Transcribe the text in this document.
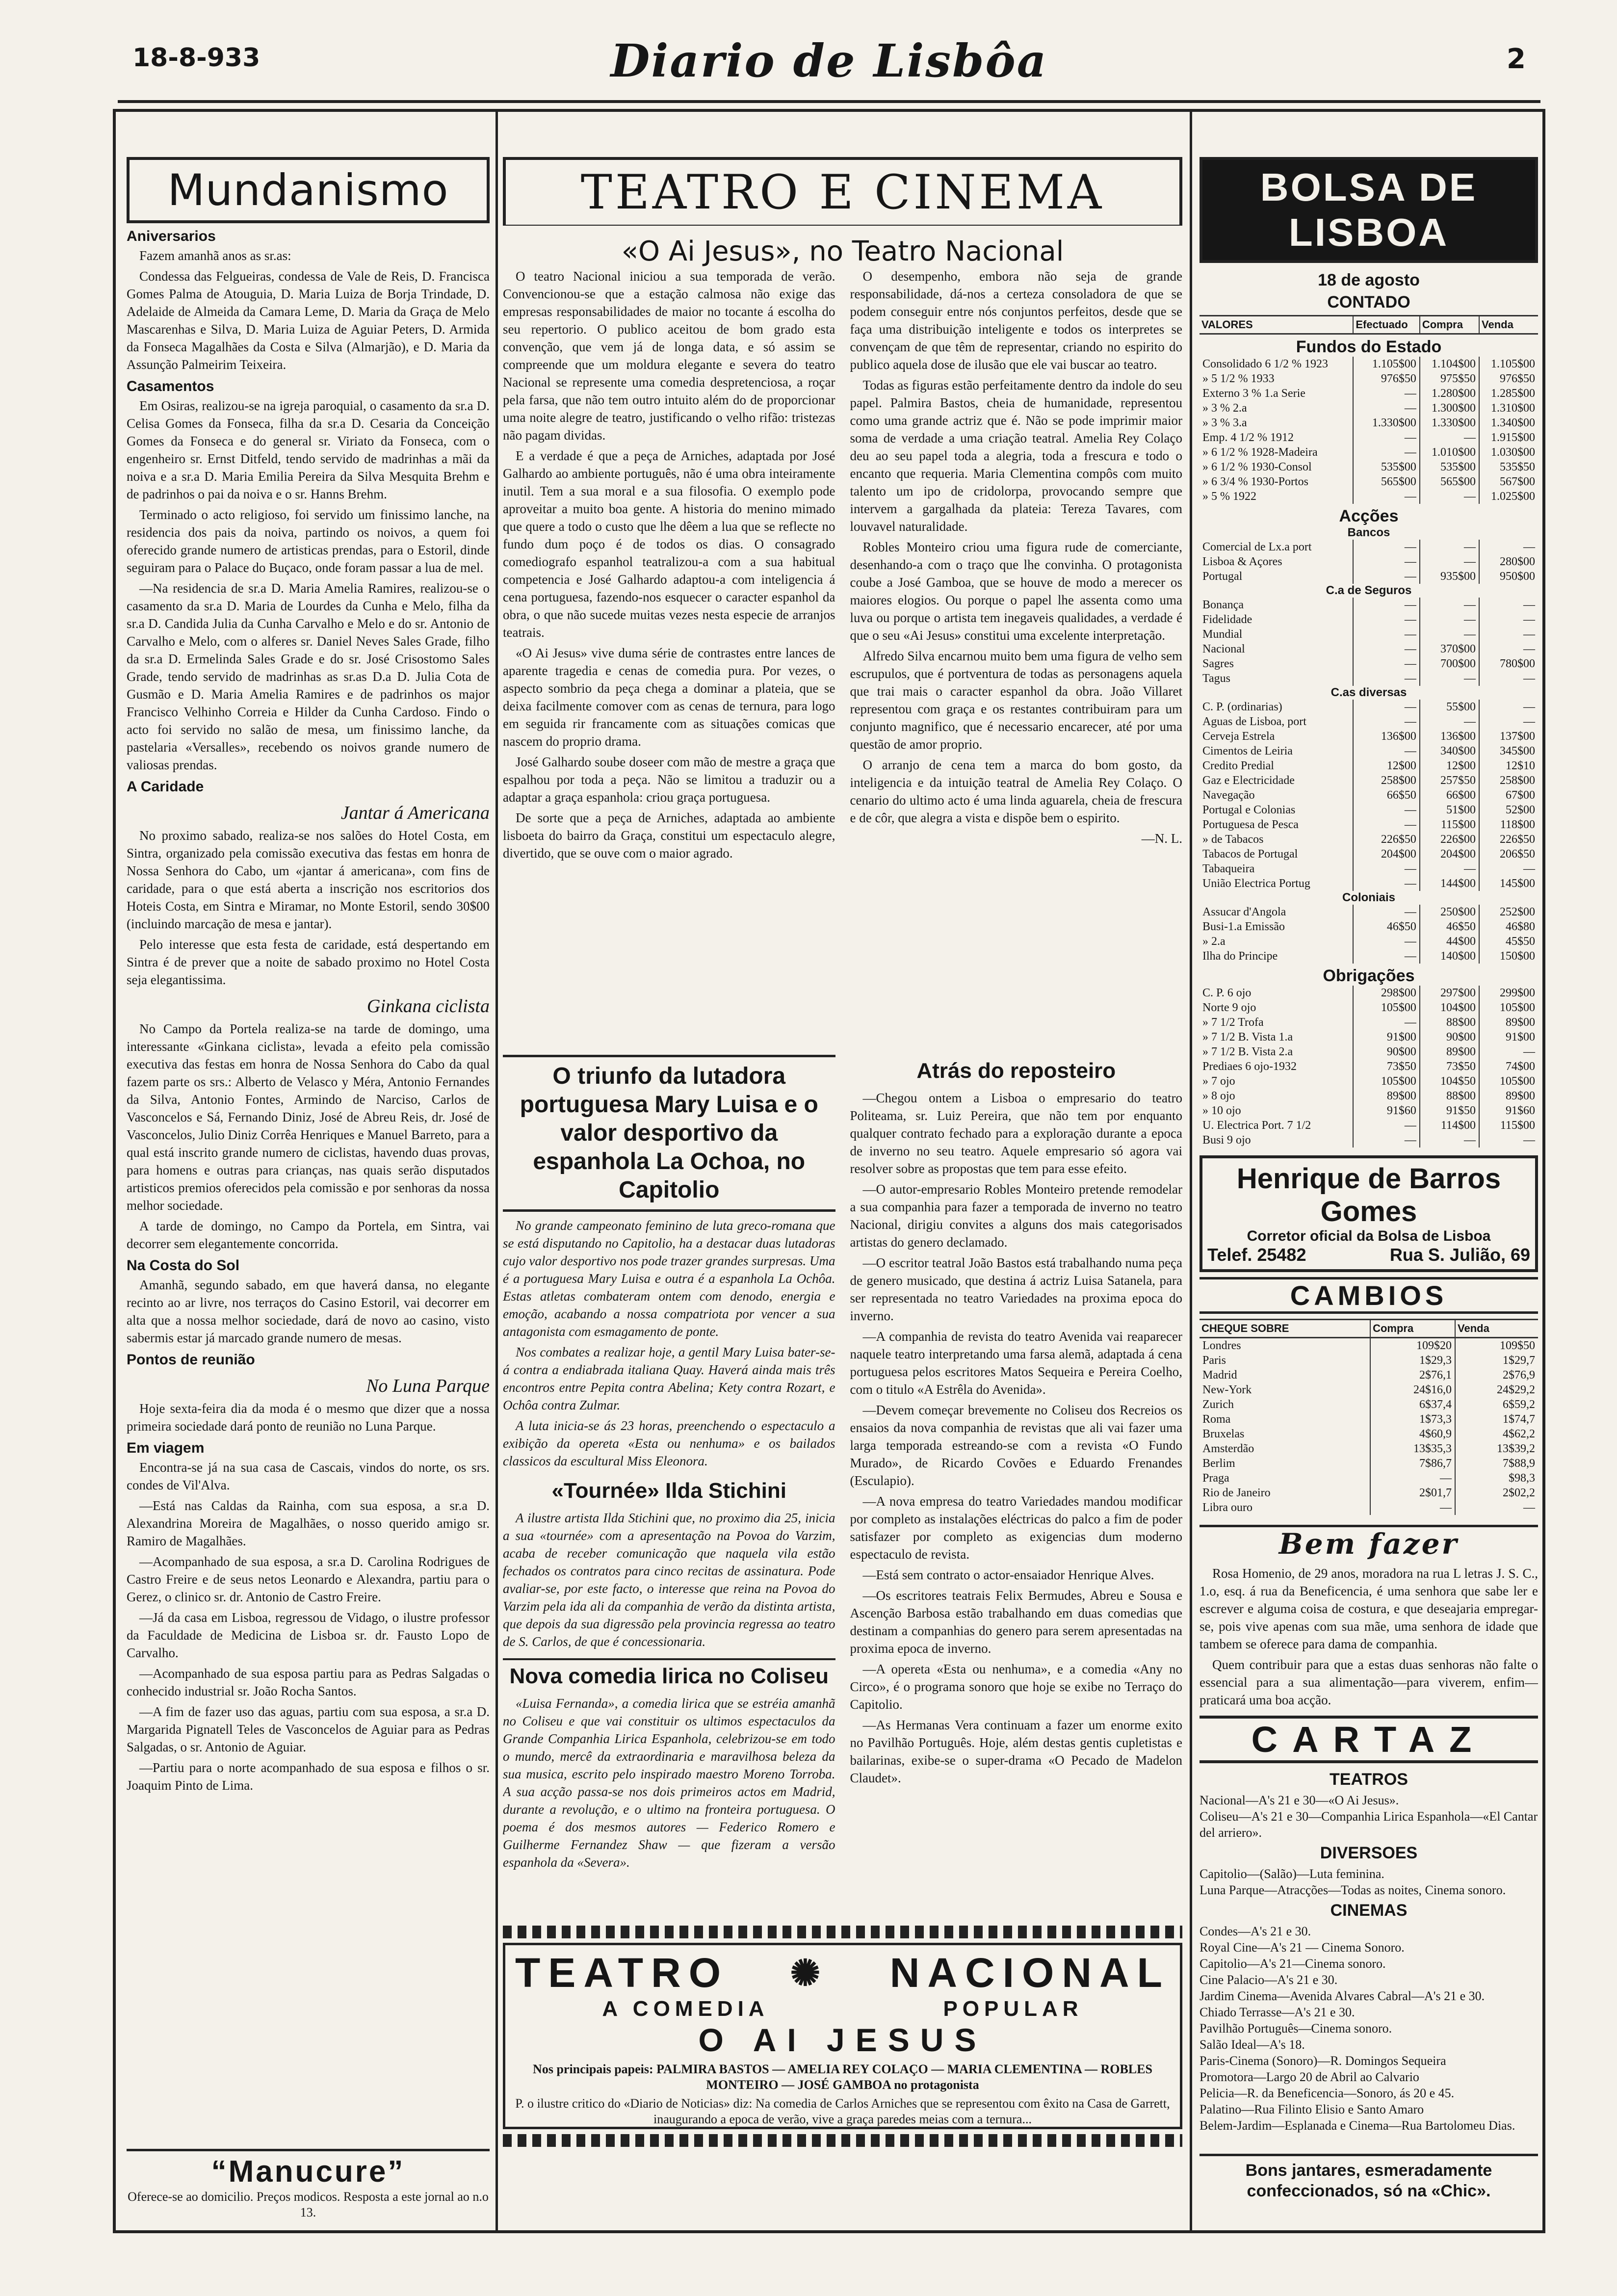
18-8-933	Diario de Lisbôa	2
Mundanismo
Aniversarios

Fazem amanhã anos as sr.as:

Condessa das Felgueiras, condessa de Vale de Reis, D. Francisca Gomes Palma de Atouguia, D. Maria Luiza de Borja Trindade, D. Adelaide de Almeida da Camara Leme, D. Maria da Graça de Melo Mascarenhas e Silva, D. Maria Luiza de Aguiar Peters, D. Armida da Fonseca Magalhães da Costa e Silva (Almarjão), e D. Maria da Assunção Palmeirim Teixeira.

Casamentos

Em Osiras, realizou-se na igreja paroquial, o casamento da sr.a D. Celisa Gomes da Fonseca, filha da sr.a D. Cesaria da Conceição Gomes da Fonseca e do general sr. Viriato da Fonseca, com o engenheiro sr. Ernst Ditfeld, tendo servido de madrinhas a mãi da noiva e a sr.a D. Maria Emilia Pereira da Silva Mesquita Brehm e de padrinhos o pai da noiva e o sr. Hanns Brehm.

Terminado o acto religioso, foi servido um finissimo lanche, na residencia dos pais da noiva, partindo os noivos, a quem foi oferecido grande numero de artisticas prendas, para o Estoril, dinde seguiram para o Palace do Buçaco, onde foram passar a lua de mel.

—Na residencia de sr.a D. Maria Amelia Ramires, realizou-se o casamento da sr.a D. Maria de Lourdes da Cunha e Melo, filha da sr.a D. Candida Julia da Cunha Carvalho e Melo e do sr. Antonio de Carvalho e Melo, com o alferes sr. Daniel Neves Sales Grade, filho da sr.a D. Ermelinda Sales Grade e do sr. José Crisostomo Sales Grade, tendo servido de madrinhas as sr.as D.a D. Julia Cota de Gusmão e D. Maria Amelia Ramires e de padrinhos os major Francisco Velhinho Correia e Hilder da Cunha Cardoso. Findo o acto foi servido no salão de mesa, um finissimo lanche, da pastelaria «Versalles», recebendo os noivos grande numero de valiosas prendas.

A Caridade
Jantar á Americana

No proximo sabado, realiza-se nos salões do Hotel Costa, em Sintra, organizado pela comissão executiva das festas em honra de Nossa Senhora do Cabo, um «jantar á americana», com fins de caridade, para o que está aberta a inscrição nos escritorios dos Hoteis Costa, em Sintra e Miramar, no Monte Estoril, sendo 30$00 (incluindo marcação de mesa e jantar).

Pelo interesse que esta festa de caridade, está despertando em Sintra é de prever que a noite de sabado proximo no Hotel Costa seja elegantissima.

Ginkana ciclista

No Campo da Portela realiza-se na tarde de domingo, uma interessante «Ginkana ciclista», levada a efeito pela comissão executiva das festas em honra de Nossa Senhora do Cabo da qual fazem parte os srs.: Alberto de Velasco y Méra, Antonio Fernandes da Silva, Antonio Fontes, Armindo de Narciso, Carlos de Vasconcelos e Sá, Fernando Diniz, José de Abreu Reis, dr. José de Vasconcelos, Julio Diniz Corrêa Henriques e Manuel Barreto, para a qual está inscrito grande numero de ciclistas, havendo duas provas, para homens e outras para crianças, nas quais serão disputados artisticos premios oferecidos pela comissão e por senhoras da nossa melhor sociedade.

A tarde de domingo, no Campo da Portela, em Sintra, vai decorrer sem elegantemente concorrida.

Na Costa do Sol

Amanhã, segundo sabado, em que haverá dansa, no elegante recinto ao ar livre, nos terraços do Casino Estoril, vai decorrer em alta que a nossa melhor sociedade, dará de novo ao casino, visto sabermis estar já marcado grande numero de mesas.

Pontos de reunião
No Luna Parque

Hoje sexta-feira dia da moda é o mesmo que dizer que a nossa primeira sociedade dará ponto de reunião no Luna Parque.

Em viagem

Encontra-se já na sua casa de Cascais, vindos do norte, os srs. condes de Vil'Alva.

—Está nas Caldas da Rainha, com sua esposa, a sr.a D. Alexandrina Moreira de Magalhães, o nosso querido amigo sr. Ramiro de Magalhães.

—Acompanhado de sua esposa, a sr.a D. Carolina Rodrigues de Castro Freire e de seus netos Leonardo e Alexandra, partiu para o Gerez, o clinico sr. dr. Antonio de Castro Freire.

—Já da casa em Lisboa, regressou de Vidago, o ilustre professor da Faculdade de Medicina de Lisboa sr. dr. Fausto Lopo de Carvalho.

—Acompanhado de sua esposa partiu para as Pedras Salgadas o conhecido industrial sr. João Rocha Santos.

—A fim de fazer uso das aguas, partiu com sua esposa, a sr.a D. Margarida Pignatell Teles de Vasconcelos de Aguiar para as Pedras Salgadas, o sr. Antonio de Aguiar.

—Partiu para o norte acompanhado de sua esposa e filhos o sr. Joaquim Pinto de Lima.

“Manucure”
Oferece-se ao domicilio. Preços modicos. Resposta a este jornal ao n.o 13.
TEATRO E CINEMA
«O Ai Jesus», no Teatro Nacional

O teatro Nacional iniciou a sua temporada de verão. Convencionou-se que a estação calmosa não exige das empresas responsabilidades de maior no tocante á escolha do seu repertorio. O publico aceitou de bom grado esta convenção, que vem já de longa data, e só assim se compreende que um moldura elegante e severa do teatro Nacional se represente uma comedia despretenciosa, a roçar pela farsa, que não tem outro intuito além do de proporcionar uma noite alegre de teatro, justificando o velho rifão: tristezas não pagam dividas.

E a verdade é que a peça de Arniches, adaptada por José Galhardo ao ambiente português, não é uma obra inteiramente inutil. Tem a sua moral e a sua filosofia. O exemplo pode aproveitar a muito boa gente. A historia do menino mimado que quere a todo o custo que lhe dêem a lua que se reflecte no fundo dum poço é de todos os dias. O consagrado comediografo espanhol teatralizou-a com a sua habitual competencia e José Galhardo adaptou-a com inteligencia á cena portuguesa, fazendo-nos esquecer o caracter espanhol da obra, o que não sucede muitas vezes nesta especie de arranjos teatrais.

«O Ai Jesus» vive duma série de contrastes entre lances de aparente tragedia e cenas de comedia pura. Por vezes, o aspecto sombrio da peça chega a dominar a plateia, que se deixa facilmente comover com as cenas de ternura, para logo em seguida rir francamente com as situações comicas que nascem do proprio drama.

José Galhardo soube doseer com mão de mestre a graça que espalhou por toda a peça. Não se limitou a traduzir ou a adaptar a graça espanhola: criou graça portuguesa.

De sorte que a peça de Arniches, adaptada ao ambiente lisboeta do bairro da Graça, constitui um espectaculo alegre, divertido, que se ouve com o maior agrado.

O desempenho, embora não seja de grande responsabilidade, dá-nos a certeza consoladora de que se podem conseguir entre nós conjuntos perfeitos, desde que se faça uma distribuição inteligente e todos os interpretes se convençam de que têm de representar, criando no espirito do publico aquela dose de ilusão que ele vai buscar ao teatro.

Todas as figuras estão perfeitamente dentro da indole do seu papel. Palmira Bastos, cheia de humanidade, representou como uma grande actriz que é. Não se pode imprimir maior soma de verdade a uma criação teatral. Amelia Rey Colaço deu ao seu papel toda a alegria, toda a frescura e todo o encanto que requeria. Maria Clementina compôs com muito talento um ipo de cridolorpa, provocando sempre que intervem a gargalhada da plateia: Tereza Tavares, com louvavel naturalidade.

Robles Monteiro criou uma figura rude de comerciante, desenhando-a com o traço que lhe convinha. O protagonista coube a José Gamboa, que se houve de modo a merecer os maiores elogios. Ou porque o papel lhe assenta como uma luva ou porque o artista tem inegaveis qualidades, a verdade é que o seu «Ai Jesus» constitui uma excelente interpretação.

Alfredo Silva encarnou muito bem uma figura de velho sem escrupulos, que é portventura de todas as personagens aquela que trai mais o caracter espanhol da obra. João Villaret representou com graça e os restantes contribuiram para um conjunto magnifico, que é necessario encarecer, até por uma questão de amor proprio.

O arranjo de cena tem a marca do bom gosto, da inteligencia e da intuição teatral de Amelia Rey Colaço. O cenario do ultimo acto é uma linda aguarela, cheia de frescura e de côr, que alegra a vista e dispõe bem o espirito.

—N. L.

O triunfo da lutadora portuguesa Mary Luisa e o valor desportivo da espanhola La Ochoa, no Capitolio

No grande campeonato feminino de luta greco-romana que se está disputando no Capitolio, ha a destacar duas lutadoras cujo valor desportivo nos pode trazer grandes surpresas. Uma é a portuguesa Mary Luisa e outra é a espanhola La Ochôa. Estas atletas combateram ontem com denodo, energia e emoção, acabando a nossa compatriota por vencer a sua antagonista com esmagamento de ponte.

Nos combates a realizar hoje, a gentil Mary Luisa bater-se-á contra a endiabrada italiana Quay. Haverá ainda mais três encontros entre Pepita contra Abelina; Kety contra Rozart, e Ochôa contra Zulmar.

A luta inicia-se ás 23 horas, preenchendo o espectaculo a exibição da opereta «Esta ou nenhuma» e os bailados classicos da escultural Miss Eleonora.

«Tournée» Ilda Stichini

A ilustre artista Ilda Stichini que, no proximo dia 25, inicia a sua «tournée» com a apresentação na Povoa do Varzim, acaba de receber comunicação que naquela vila estão fechados os contratos para cinco recitas de assinatura. Pode avaliar-se, por este facto, o interesse que reina na Povoa do Varzim pela ida ali da companhia de verão da distinta artista, que depois da sua digressão pela provincia regressa ao teatro de S. Carlos, de que é concessionaria.

Nova comedia lirica no Coliseu

«Luisa Fernanda», a comedia lirica que se estréia amanhã no Coliseu e que vai constituir os ultimos espectaculos da Grande Companhia Lirica Espanhola, celebrizou-se em todo o mundo, mercê da extraordinaria e maravilhosa beleza da sua musica, escrito pelo inspirado maestro Moreno Torroba. A sua acção passa-se nos dois primeiros actos em Madrid, durante a revolução, e o ultimo na fronteira portuguesa. O poema é dos mesmos autores — Federico Romero e Guilherme Fernandez Shaw — que fizeram a versão espanhola da «Severa».

Atrás do reposteiro

—Chegou ontem a Lisboa o empresario do teatro Politeama, sr. Luiz Pereira, que não tem por enquanto qualquer contrato fechado para a exploração durante a epoca de inverno no seu teatro. Aquele empresario só agora vai resolver sobre as propostas que tem para esse efeito.

—O autor-empresario Robles Monteiro pretende remodelar a sua companhia para fazer a temporada de inverno no teatro Nacional, dirigiu convites a alguns dos mais categorisados artistas do genero declamado.

—O escritor teatral João Bastos está trabalhando numa peça de genero musicado, que destina á actriz Luisa Satanela, para ser representada no teatro Variedades na proxima epoca do inverno.

—A companhia de revista do teatro Avenida vai reaparecer naquele teatro interpretando uma farsa alemã, adaptada á cena portuguesa pelos escritores Matos Sequeira e Pereira Coelho, com o titulo «A Estrêla do Avenida».

—Devem começar brevemente no Coliseu dos Recreios os ensaios da nova companhia de revistas que ali vai fazer uma larga temporada estreando-se com a revista «O Fundo Murado», de Ricardo Covões e Eduardo Frenandes (Esculapio).

—A nova empresa do teatro Variedades mandou modificar por completo as instalações eléctricas do palco a fim de poder satisfazer por completo as exigencias dum moderno espectaculo de revista.

—Está sem contrato o actor-ensaiador Henrique Alves.

—Os escritores teatrais Felix Bermudes, Abreu e Sousa e Ascenção Barbosa estão trabalhando em duas comedias que destinam a companhias do genero para serem apresentadas na proxima epoca de inverno.

—A opereta «Esta ou nenhuma», e a comedia «Any no Circo», é o programa sonoro que hoje se exibe no Terraço do Capitolio.

—As Hermanas Vera continuam a fazer um enorme exito no Pavilhão Português. Hoje, além destas gentis cupletistas e bailarinas, exibe-se o super-drama «O Pecado de Madelon Claudet».

TEATRO ✺ NACIONAL
A COMEDIA	POPULAR
O AI JESUS
Nos principais papeis: PALMIRA BASTOS — AMELIA REY COLAÇO — MARIA CLEMENTINA — ROBLES MONTEIRO — JOSÉ GAMBOA no protagonista
P. o ilustre critico do «Diario de Noticias» diz: Na comedia de Carlos Arniches que se representou com êxito na Casa de Garrett, inaugurando a epoca de verão, vive a graça paredes meias com a ternura...
BOLSA DE LISBOA
18 de agosto
CONTADO
VALORES	Efectuado	Compra	Venda
Fundos do Estado			
Consolidado 6 1/2 % 1923	1.105$00	1.104$00	1.105$00
» 5 1/2 % 1933	976$50	975$50	976$50
Externo 3 % 1.a Serie	—	1.280$00	1.285$00
» 3 % 2.a	—	1.300$00	1.310$00
» 3 % 3.a	1.330$00	1.330$00	1.340$00
Emp. 4 1/2 % 1912	—	—	1.915$00
» 6 1/2 % 1928-Madeira	—	1.010$00	1.030$00
» 6 1/2 % 1930-Consol	535$00	535$00	535$50
» 6 3/4 % 1930-Portos	565$00	565$00	567$00
» 5 % 1922	—	—	1.025$00
Acções			
Bancos			
Comercial de Lx.a port	—	—	—
Lisboa & Açores	—	—	280$00
Portugal	—	935$00	950$00
C.a de Seguros			
Bonança	—	—	—
Fidelidade	—	—	—
Mundial	—	—	—
Nacional	—	370$00	—
Sagres	—	700$00	780$00
Tagus	—	—	—
C.as diversas			
C. P. (ordinarias)	—	55$00	—
Aguas de Lisboa, port	—	—	—
Cerveja Estrela	136$00	136$00	137$00
Cimentos de Leiria	—	340$00	345$00
Credito Predial	12$00	12$00	12$10
Gaz e Electricidade	258$00	257$50	258$00
Navegação	66$50	66$00	67$00
Portugal e Colonias	—	51$00	52$00
Portuguesa de Pesca	—	115$00	118$00
» de Tabacos	226$50	226$00	226$50
Tabacos de Portugal	204$00	204$00	206$50
Tabaqueira	—	—	—
União Electrica Portug	—	144$00	145$00
Coloniais			
Assucar d'Angola	—	250$00	252$00
Busi-1.a Emissão	46$50	46$50	46$80
» 2.a	—	44$00	45$50
Ilha do Principe	—	140$00	150$00
Obrigações			
C. P. 6 ojo	298$00	297$00	299$00
Norte 9 ojo	105$00	104$00	105$00
» 7 1/2 Trofa	—	88$00	89$00
» 7 1/2 B. Vista 1.a	91$00	90$00	91$00
» 7 1/2 B. Vista 2.a	90$00	89$00	—
Prediaes 6 ojo-1932	73$50	73$50	74$00
» 7 ojo	105$00	104$50	105$00
» 8 ojo	89$00	88$00	89$00
» 10 ojo	91$60	91$50	91$60
U. Electrica Port. 7 1/2	—	114$00	115$00
Busi 9 ojo	—	—	—
Henrique de Barros Gomes
Corretor oficial da Bolsa de Lisboa
Telef. 25482	Rua S. Julião, 69
CAMBIOS
CHEQUE SOBRE	Compra	Venda
Londres	109$20	109$50
Paris	1$29,3	1$29,7
Madrid	2$76,1	2$76,9
New-York	24$16,0	24$29,2
Zurich	6$37,4	6$59,2
Roma	1$73,3	1$74,7
Bruxelas	4$60,9	4$62,2
Amsterdão	13$35,3	13$39,2
Berlim	7$86,7	7$88,9
Praga	—	$98,3
Rio de Janeiro	2$01,7	2$02,2
Libra ouro	—	—
Bem fazer

Rosa Homenio, de 29 anos, moradora na rua L letras J. S. C., 1.o, esq. á rua da Beneficencia, é uma senhora que sabe ler e escrever e alguma coisa de costura, e que deseajaria empregar-se, pois vive apenas com sua mãe, uma senhora de idade que tambem se oferece para dama de companhia.

Quem contribuir para que a estas duas senhoras não falte o essencial para a sua alimentação—para viverem, enfim—praticará uma boa acção.

CARTAZ
TEATROS
Nacional—A's 21 e 30—«O Ai Jesus».
Coliseu—A's 21 e 30—Companhia Lirica Espanhola—«El Cantar del arriero».
DIVERSOES
Capitolio—(Salão)—Luta feminina.
Luna Parque—Atracções—Todas as noites, Cinema sonoro.
CINEMAS
Condes—A's 21 e 30.
Royal Cine—A's 21 — Cinema Sonoro.
Capitolio—A's 21—Cinema sonoro.
Cine Palacio—A's 21 e 30.
Jardim Cinema—Avenida Alvares Cabral—A's 21 e 30.
Chiado Terrasse—A's 21 e 30.
Pavilhão Português—Cinema sonoro.
Salão Ideal—A's 18.
Paris-Cinema (Sonoro)—R. Domingos Sequeira
Promotora—Largo 20 de Abril ao Calvario
Pelicia—R. da Beneficencia—Sonoro, ás 20 e 45.
Palatino—Rua Filinto Elisio e Santo Amaro
Belem-Jardim—Esplanada e Cinema—Rua Bartolomeu Dias.
Bons jantares, esmeradamente confeccionados, só na «Chic».
